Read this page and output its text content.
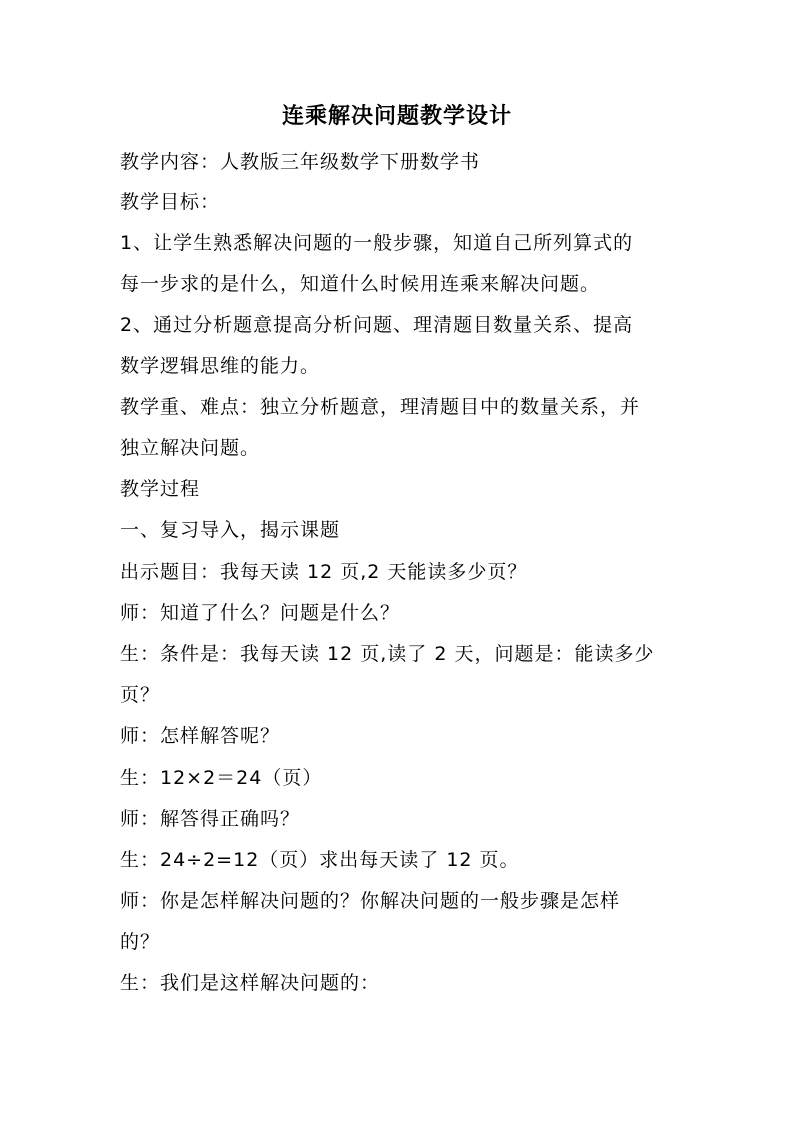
连乘解决问题教学设计
教学内容：人教版三年级数学下册数学书
教学目标：
1、让学生熟悉解决问题的一般步骤，知道自己所列算式的
每一步求的是什么，知道什么时候用连乘来解决问题。
2、通过分析题意提高分析问题、理清题目数量关系、提高
数学逻辑思维的能力。
教学重、难点：独立分析题意，理清题目中的数量关系，并
独立解决问题。
教学过程
一、复习导入，揭示课题
出示题目：我每天读 12 页,2 天能读多少页？
师：知道了什么？问题是什么？
生：条件是：我每天读 12 页,读了 2 天，问题是：能读多少
页？
师：怎样解答呢？
生：12×2＝24（页）
师：解答得正确吗？
生：24÷2=12（页）求出每天读了 12 页。
师：你是怎样解决问题的？你解决问题的一般步骤是怎样
的？
生：我们是这样解决问题的：
